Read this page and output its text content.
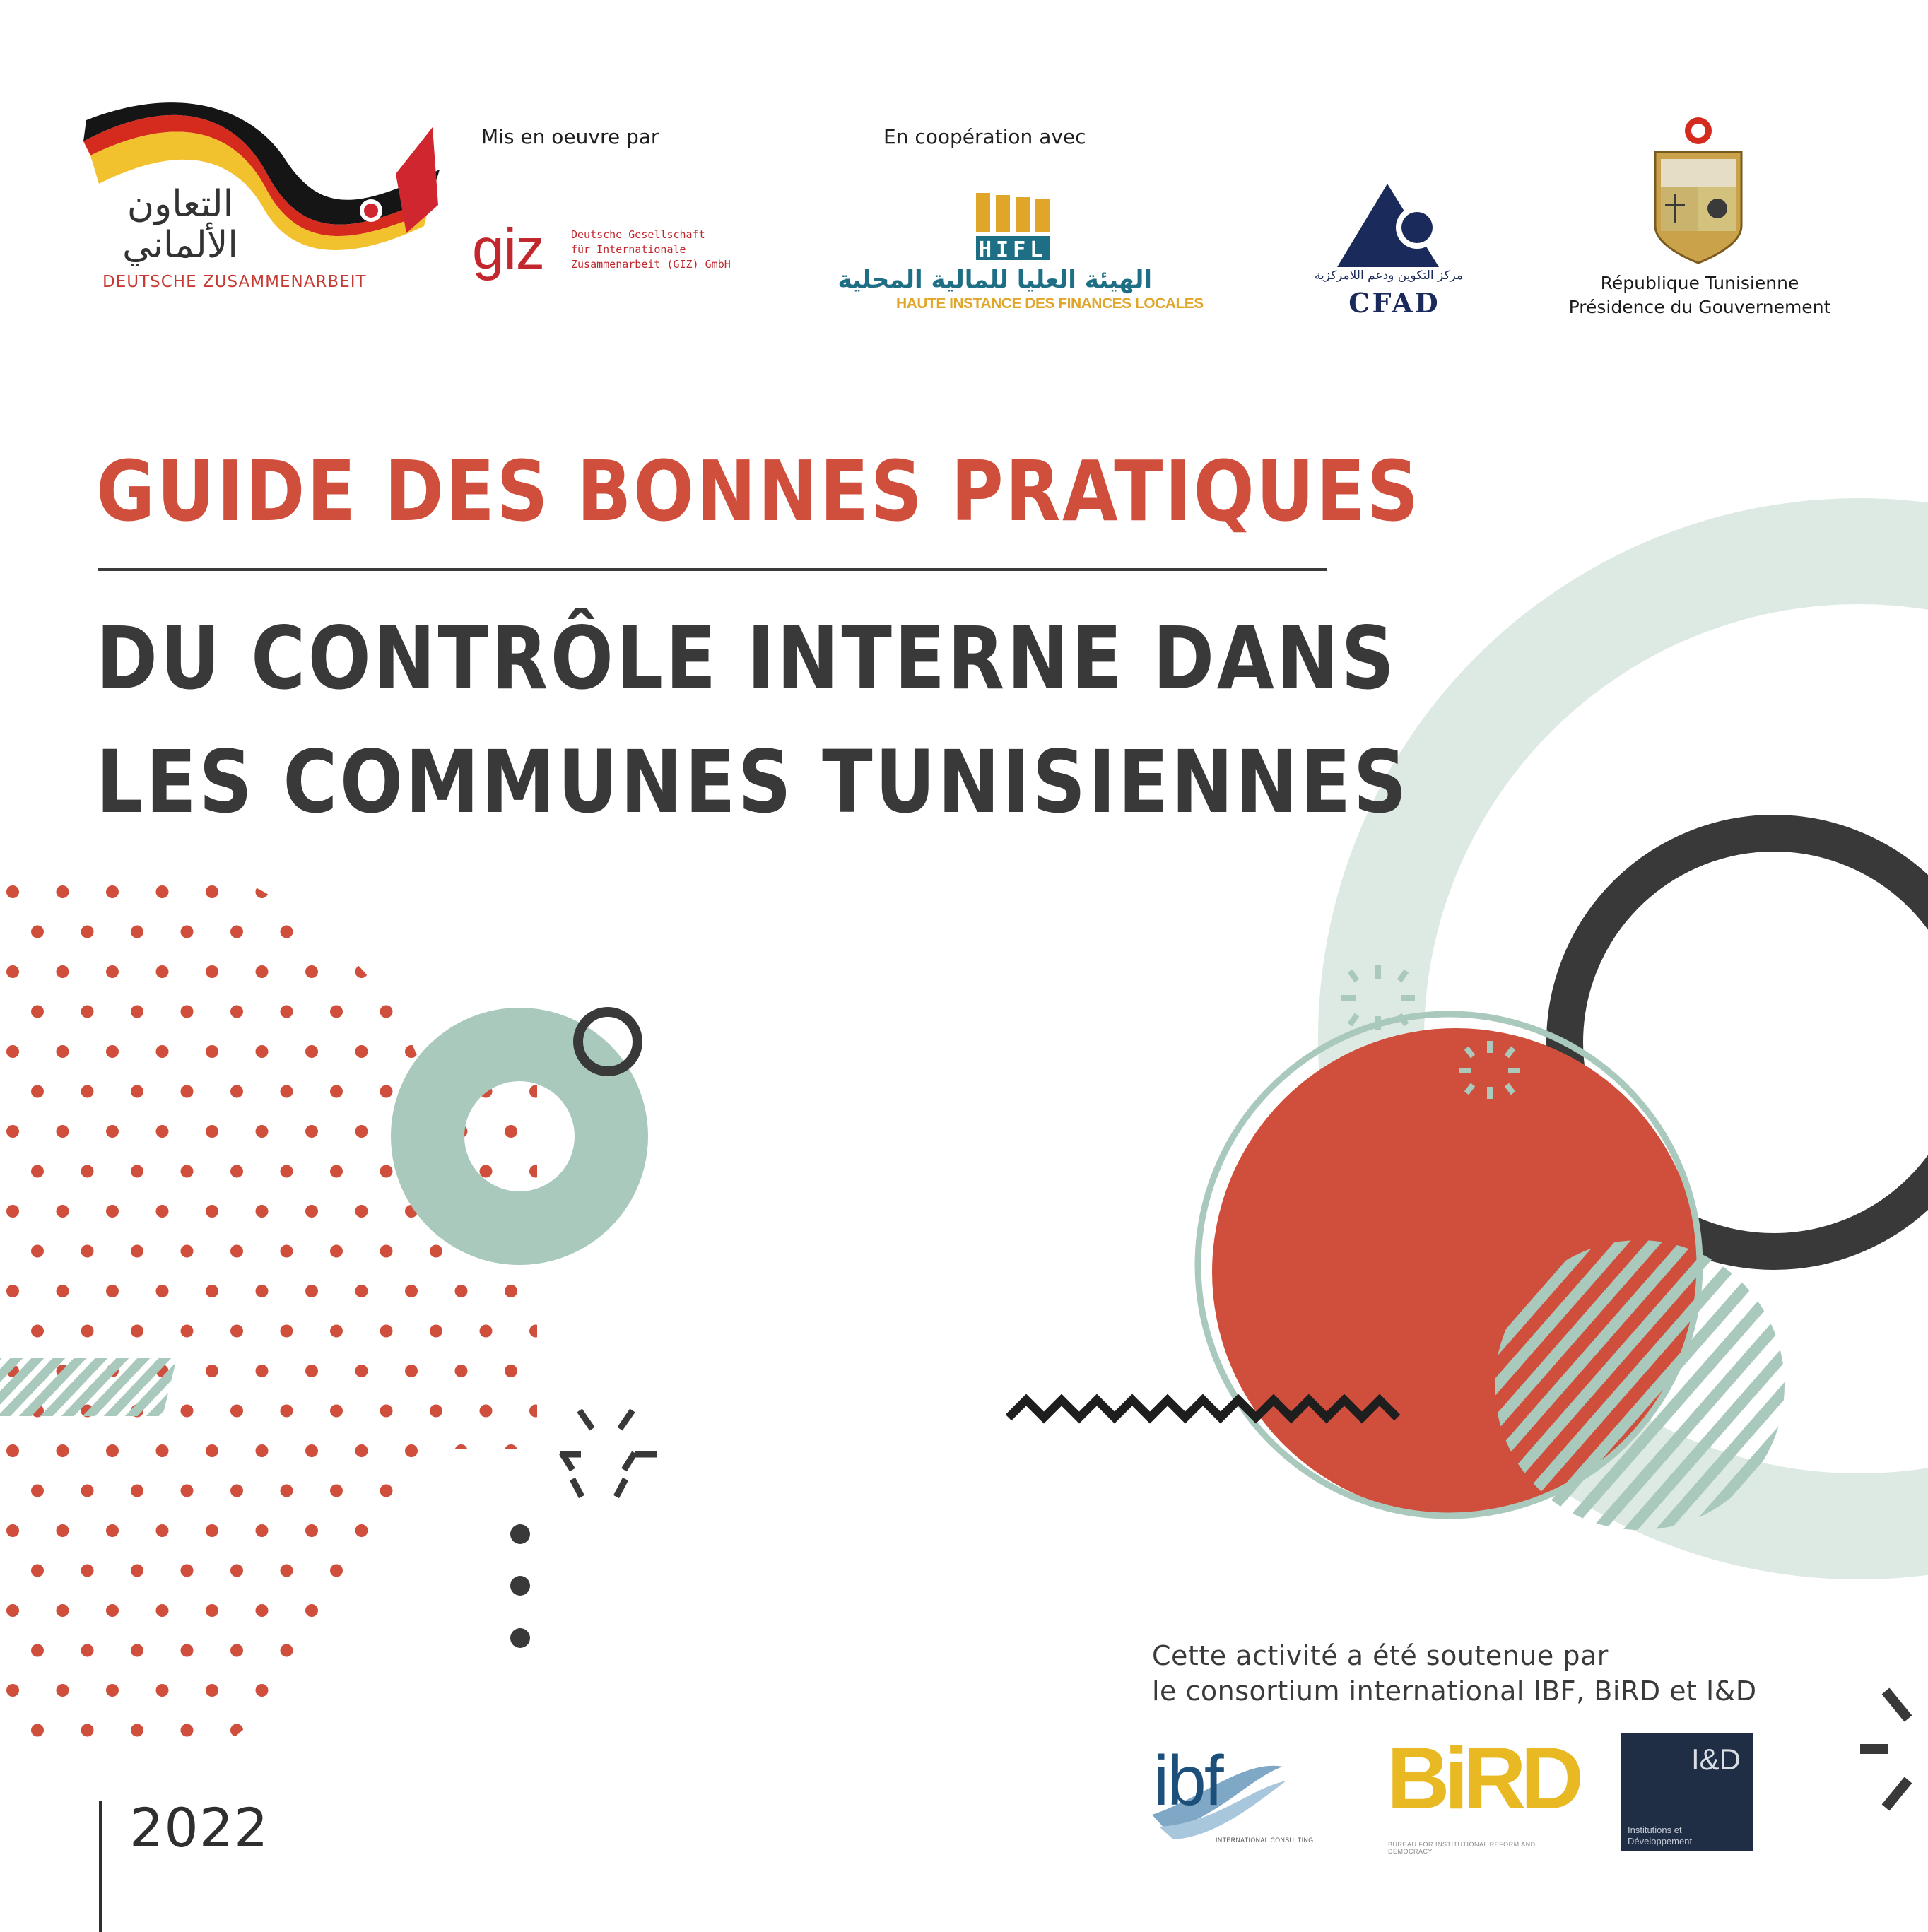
التعاون
الألماني
DEUTSCHE ZUSAMMENARBEIT
Mis en oeuvre par
giz	Deutsche Gesellschaft
für Internationale
Zusammenarbeit (GIZ) GmbH
En coopération avec
HIFL
الهيئة العليا للمالية المحلية
HAUTE INSTANCE DES FINANCES LOCALES
مركز التكوين ودعم اللامركزية
CFAD
République Tunisienne
Présidence du Gouvernement
GUIDE DES BONNES PRATIQUES
DU CONTRÔLE INTERNE DANS
LES COMMUNES TUNISIENNES
Cette activité a été soutenue par
le consortium international IBF, BiRD et I&D
ibf
INTERNATIONAL CONSULTING
BiRD
BUREAU FOR INSTITUTIONAL REFORM AND DEMOCRACY
I&D
Institutions et Développement
2022
